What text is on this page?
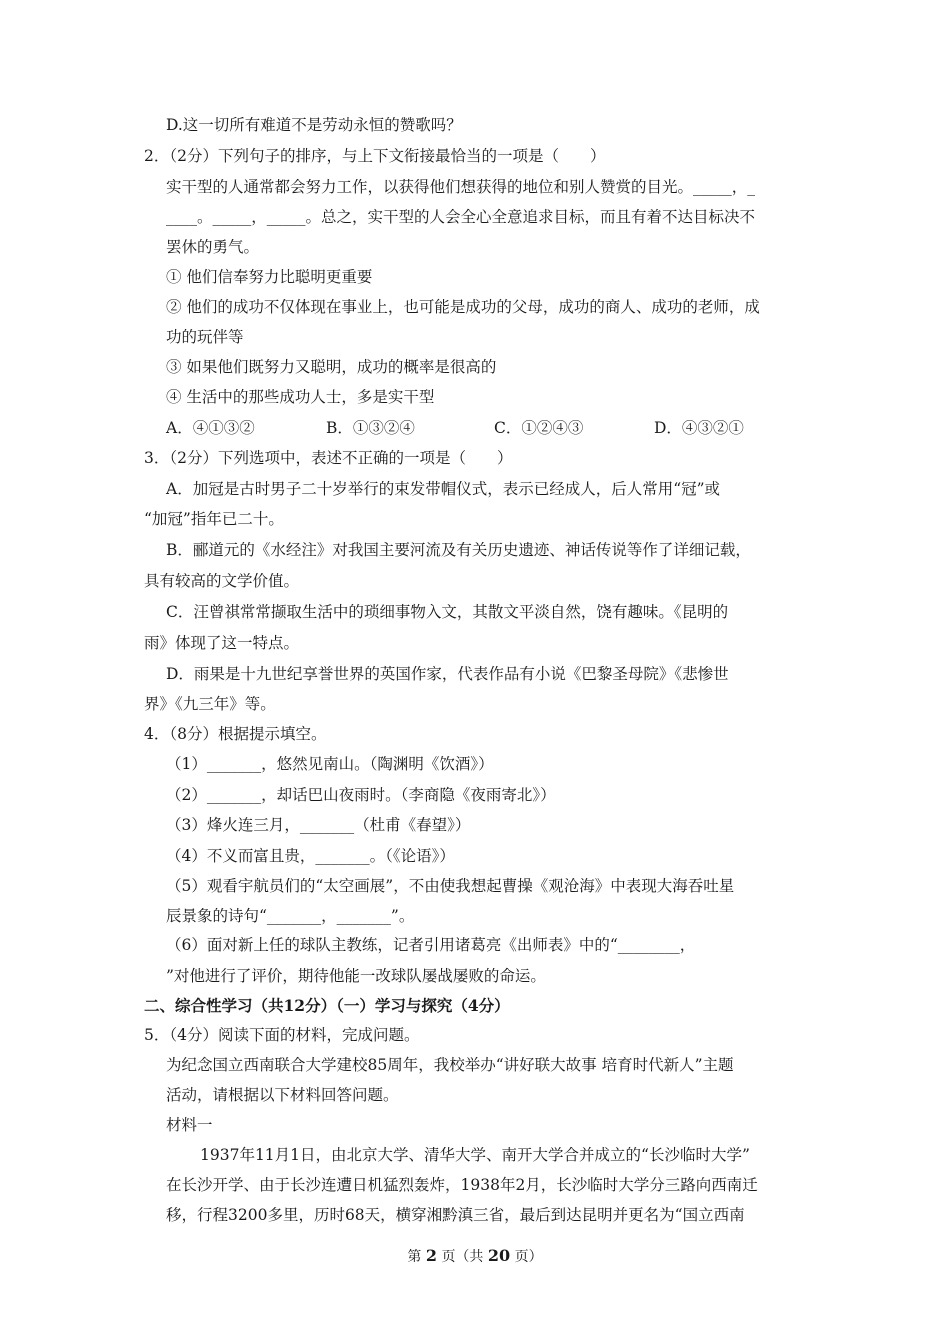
D.这一切所有难道不是劳动永恒的赞歌吗？
2．（2分）下列句子的排序，与上下文衔接最恰当的一项是（　　）
实干型的人通常都会努力工作，以获得他们想获得的地位和别人赞赏的目光。_____，_
____。_____，_____。总之，实干型的人会全心全意追求目标，而且有着不达目标决不
罢休的勇气。
① 他们信奉努力比聪明更重要
② 他们的成功不仅体现在事业上，也可能是成功的父母，成功的商人、成功的老师，成
功的玩伴等
③ 如果他们既努力又聪明，成功的概率是很高的
④ 生活中的那些成功人士，多是实干型
A．④①③②	B．①③②④	C．①②④③	D．④③②①
3．（2分）下列选项中，表述不正确的一项是（　　）
A．加冠是古时男子二十岁举行的束发带帽仪式，表示已经成人，后人常用“冠”或
“加冠”指年已二十。
B．郦道元的《水经注》对我国主要河流及有关历史遗迹、神话传说等作了详细记载，
具有较高的文学价值。
C．汪曾祺常常撷取生活中的琐细事物入文，其散文平淡自然，饶有趣味。《昆明的
雨》体现了这一特点。
D．雨果是十九世纪享誉世界的英国作家，代表作品有小说《巴黎圣母院》《悲惨世
界》《九三年》等。
4．（8分）根据提示填空。
（1）_______，悠然见南山。（陶渊明《饮酒》）
（2）_______，却话巴山夜雨时。（李商隐《夜雨寄北》）
（3）烽火连三月，_______（杜甫《春望》）
（4）不义而富且贵，_______。（《论语》）
（5）观看宇航员们的“太空画展”，不由使我想起曹操《观沧海》中表现大海吞吐星
辰景象的诗句“_______，_______”。
（6）面对新上任的球队主教练，记者引用诸葛亮《出师表》中的“________，
”对他进行了评价，期待他能一改球队屡战屡败的命运。
二、综合性学习（共12分）（一）学习与探究（4分）
5．（4分）阅读下面的材料，完成问题。
为纪念国立西南联合大学建校85周年，我校举办“讲好联大故事 培育时代新人”主题
活动，请根据以下材料回答问题。
材料一
1937年11月1日，由北京大学、清华大学、南开大学合并成立的“长沙临时大学”
在长沙开学、由于长沙连遭日机猛烈轰炸，1938年2月，长沙临时大学分三路向西南迁
移，行程3200多里，历时68天，横穿湘黔滇三省，最后到达昆明并更名为“国立西南
第 2 页（共 20 页）
